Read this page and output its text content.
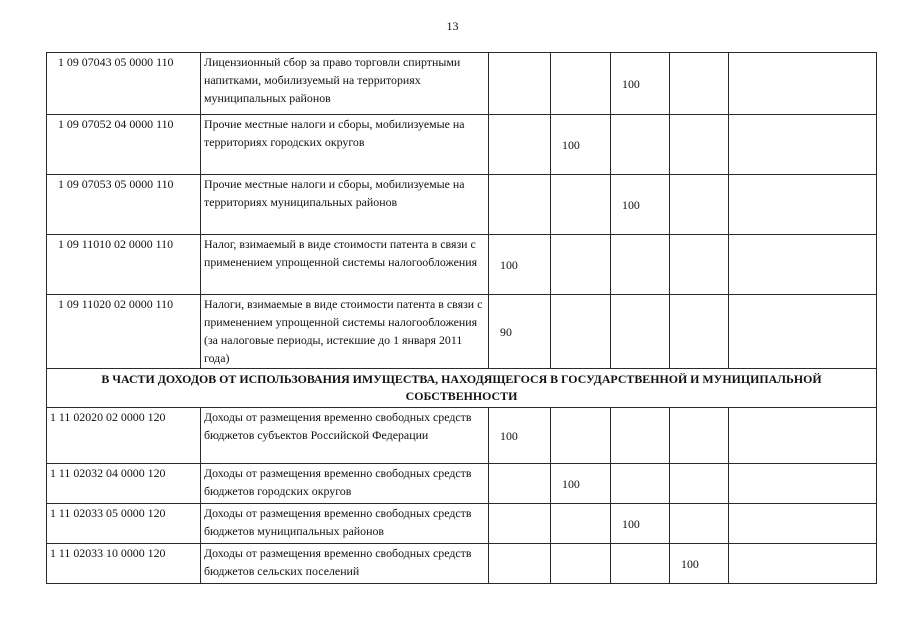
13
1 09 07043 05 0000 110	Лицензионный сбор за право торговли спиртными напитками, мобилизуемый на территориях муниципальных районов			100		
1 09 07052 04 0000 110	Прочие местные налоги и сборы, мобилизуемые на территориях городских округов		100			
1 09 07053 05 0000 110	Прочие местные налоги и сборы, мобилизуемые на территориях муниципальных районов			100		
1 09 11010 02 0000 110	Налог, взимаемый в виде стоимости патента в связи с применением упрощенной системы налогообложения	100				
1 09 11020 02 0000 110	Налоги, взимаемые в виде стоимости патента в связи с применением упрощенной системы налогообложения (за налоговые периоды, истекшие до 1 января 2011 года)	90				
В ЧАСТИ ДОХОДОВ ОТ ИСПОЛЬЗОВАНИЯ ИМУЩЕСТВА, НАХОДЯЩЕГОСЯ В ГОСУДАРСТВЕННОЙ И МУНИЦИПАЛЬНОЙ СОБСТВЕННОСТИ						
1 11 02020 02 0000 120	Доходы от размещения временно свободных средств бюджетов субъектов Российской Федерации	100				
1 11 02032 04 0000 120	Доходы от размещения временно свободных средств бюджетов городских округов		100			
1 11 02033 05 0000 120	Доходы от размещения временно свободных средств бюджетов муниципальных районов			100		
1 11 02033 10 0000 120	Доходы от размещения временно свободных средств бюджетов сельских поселений				100	
